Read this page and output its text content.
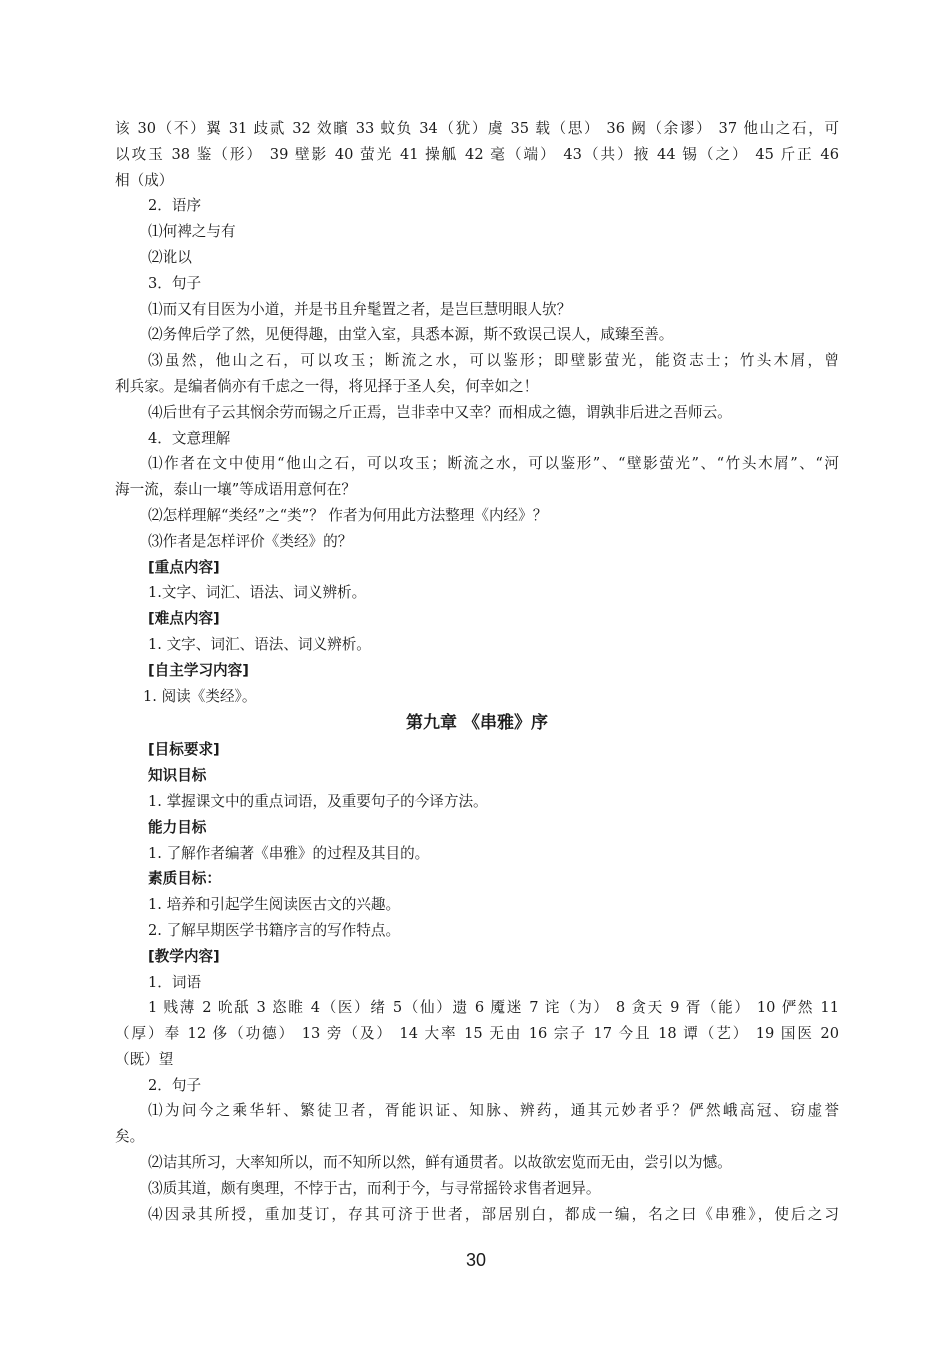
该 30（不）翼 31 歧贰 32 效矉 33 蚊负 34（犹）虞 35 载（思） 36 阙（余谬） 37 他山之石，可
以攻玉 38 鉴（形） 39 壁影 40 萤光 41 操觚 42 毫（端） 43（共）掖 44 锡（之） 45 斤正 46
相（成）
2．语序
⑴何裨之与有
⑵讹以
3．句子
⑴而又有目医为小道，并是书且弁髦置之者，是岂巨慧明眼人欤？
⑵务俾后学了然，见便得趣，由堂入室，具悉本源，斯不致误己误人，咸臻至善。
⑶虽然，他山之石，可以攻玉；断流之水，可以鉴形；即壁影萤光，能资志士；竹头木屑，曾
利兵家。是编者倘亦有千虑之一得，将见择于圣人矣，何幸如之！
⑷后世有子云其悯余劳而锡之斤正焉，岂非幸中又幸？而相成之德，谓孰非后进之吾师云。
4．文意理解
⑴作者在文中使用“他山之石，可以攻玉；断流之水，可以鉴形”、“壁影萤光”、“竹头木屑”、“河
海一流，泰山一壤”等成语用意何在？
⑵怎样理解“类经”之“类”？ 作者为何用此方法整理《内经》？
⑶作者是怎样评价《类经》的？
[重点内容]
1.文字、词汇、语法、词义辨析。
[难点内容]
1. 文字、词汇、语法、词义辨析。
[自主学习内容]
1. 阅读《类经》。
第九章 《串雅》序
[目标要求]
知识目标
1. 掌握课文中的重点词语，及重要句子的今译方法。
能力目标
1. 了解作者编著《串雅》的过程及其目的。
素质目标：
1. 培养和引起学生阅读医古文的兴趣。
2. 了解早期医学书籍序言的写作特点。
[教学内容]
1．词语
1 贱薄 2 吮舐 3 恣睢 4（医）绪 5（仙）遗 6 魇迷 7 诧（为） 8 贪天 9 胥（能） 10 俨然 11
（厚）奉 12 侈（功德） 13 旁（及） 14 大率 15 无由 16 宗子 17 今且 18 谭（艺） 19 国医 20
（既）望
2．句子
⑴为问今之乘华轩、繁徒卫者，胥能识证、知脉、辨药，通其元妙者乎？俨然峨高冠、窃虚誉
矣。
⑵诘其所习，大率知所以，而不知所以然，鲜有通贯者。以故欲宏览而无由，尝引以为憾。
⑶质其道，颇有奥理，不悖于古，而利于今，与寻常摇铃求售者迥异。
⑷因录其所授，重加芟订，存其可济于世者，部居别白，都成一编，名之曰《串雅》，使后之习
30
